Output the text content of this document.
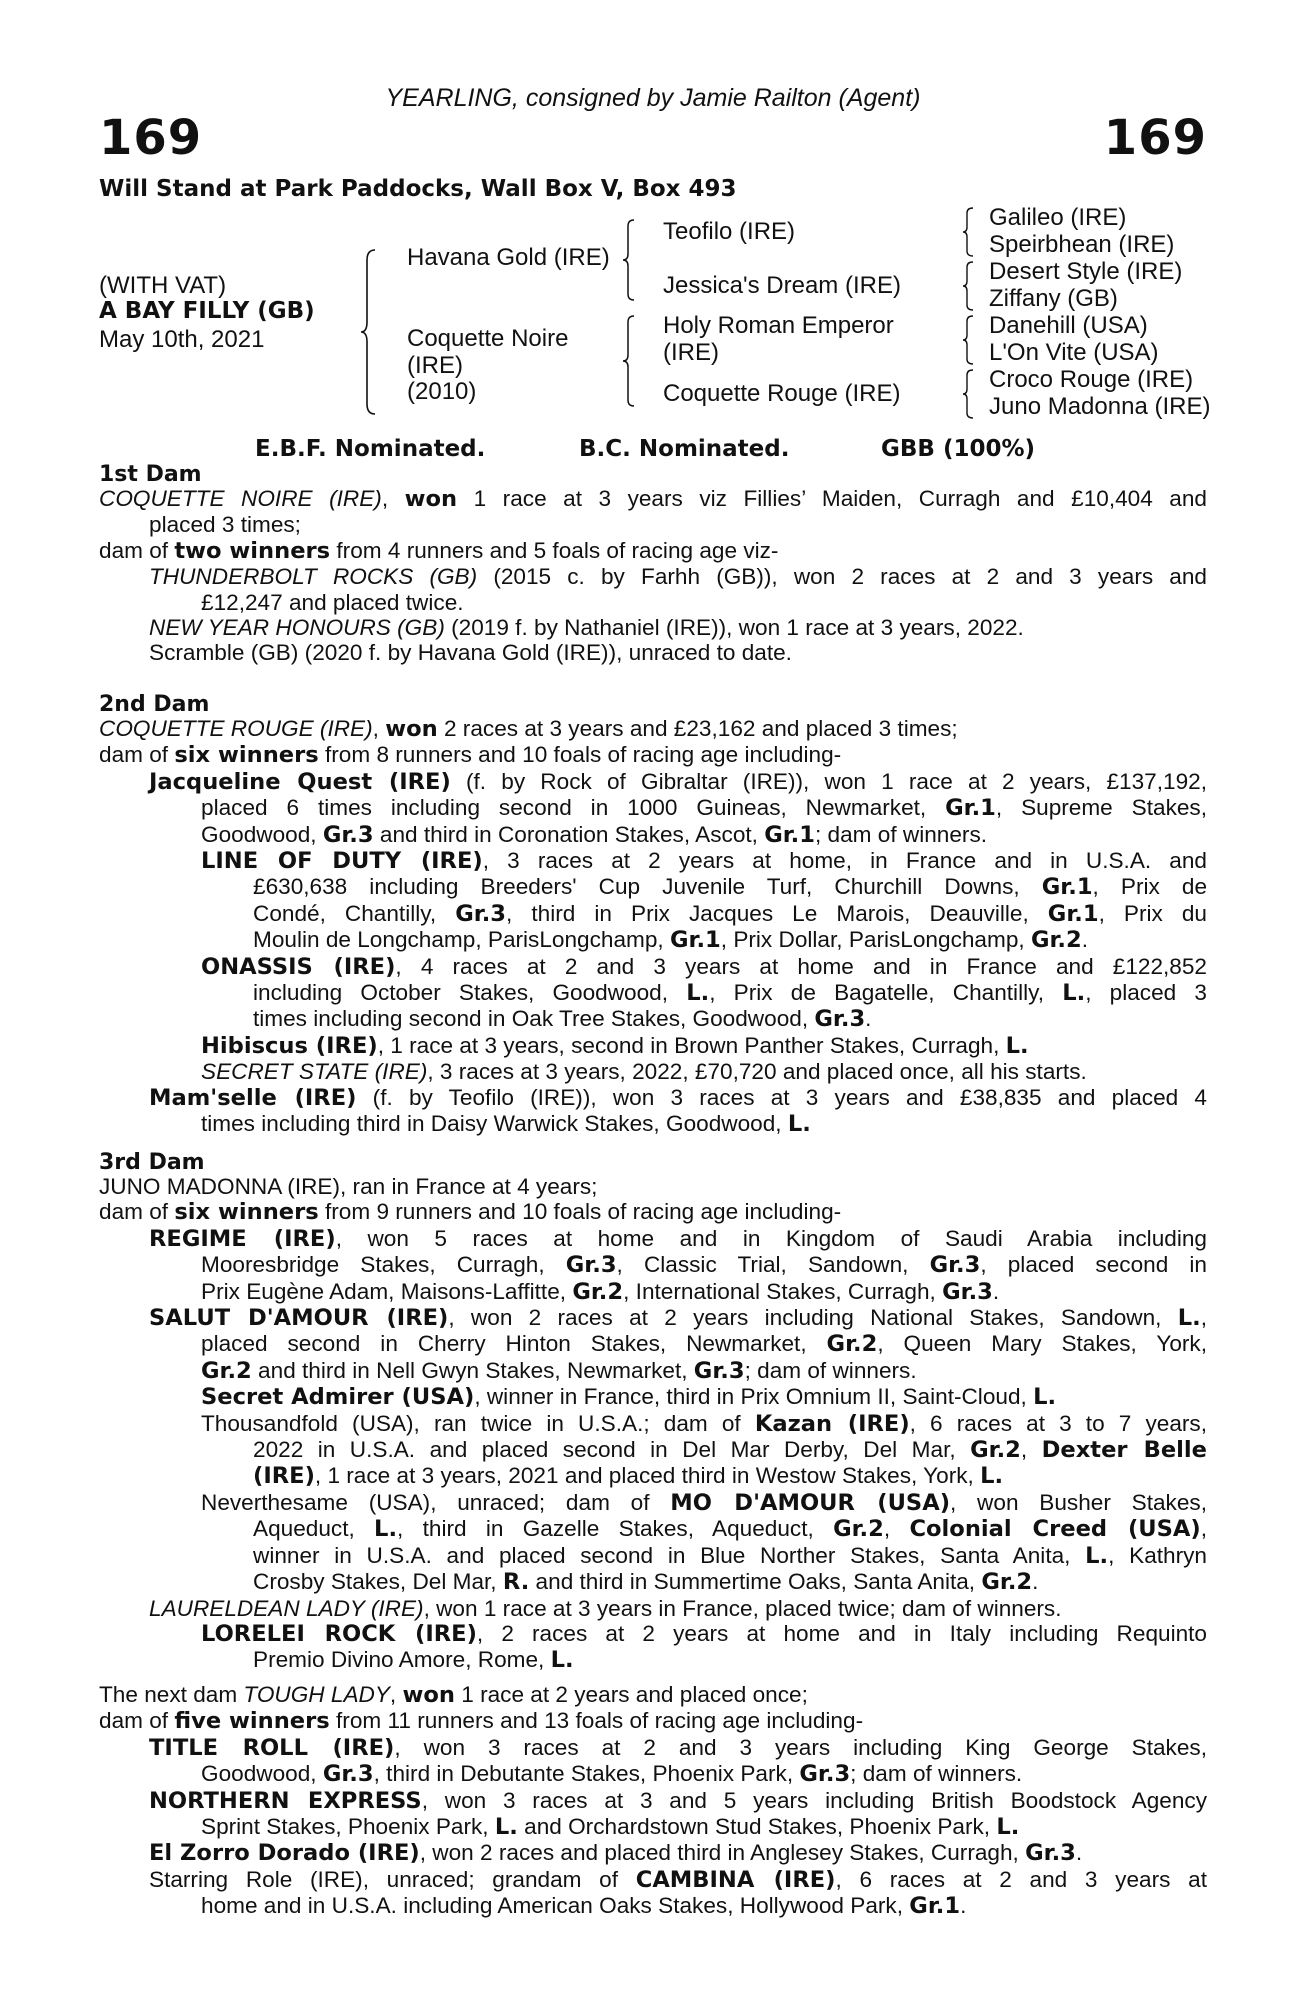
YEARLING, consigned by Jamie Railton (Agent)
169	169
Will Stand at Park Paddocks, Wall Box V, Box 493
(WITH VAT)
A BAY FILLY (GB)
May 10th, 2021
Havana Gold (IRE)
Coquette Noire
(IRE)
(2010)
Teofilo (IRE)
Jessica's Dream (IRE)
Holy Roman Emperor
(IRE)
Coquette Rouge (IRE)
Galileo (IRE)
Speirbhean (IRE)
Desert Style (IRE)
Ziffany (GB)
Danehill (USA)
L'On Vite (USA)
Croco Rouge (IRE)
Juno Madonna (IRE)
E.B.F. Nominated.	B.C. Nominated.	GBB (100%)
1st Dam
COQUETTE NOIRE (IRE), won 1 race at 3 years viz Fillies’ Maiden, Curragh and £10,404 and
placed 3 times;
dam of two winners from 4 runners and 5 foals of racing age viz-
THUNDERBOLT ROCKS (GB) (2015 c. by Farhh (GB)), won 2 races at 2 and 3 years and
£12,247 and placed twice.
NEW YEAR HONOURS (GB) (2019 f. by Nathaniel (IRE)), won 1 race at 3 years, 2022.
Scramble (GB) (2020 f. by Havana Gold (IRE)), unraced to date.
2nd Dam
COQUETTE ROUGE (IRE), won 2 races at 3 years and £23,162 and placed 3 times;
dam of six winners from 8 runners and 10 foals of racing age including-
Jacqueline Quest (IRE) (f. by Rock of Gibraltar (IRE)), won 1 race at 2 years, £137,192,
placed 6 times including second in 1000 Guineas, Newmarket, Gr.1, Supreme Stakes,
Goodwood, Gr.3 and third in Coronation Stakes, Ascot, Gr.1; dam of winners.
LINE OF DUTY (IRE), 3 races at 2 years at home, in France and in U.S.A. and
£630,638 including Breeders' Cup Juvenile Turf, Churchill Downs, Gr.1, Prix de
Condé, Chantilly, Gr.3, third in Prix Jacques Le Marois, Deauville, Gr.1, Prix du
Moulin de Longchamp, ParisLongchamp, Gr.1, Prix Dollar, ParisLongchamp, Gr.2.
ONASSIS (IRE), 4 races at 2 and 3 years at home and in France and £122,852
including October Stakes, Goodwood, L., Prix de Bagatelle, Chantilly, L., placed 3
times including second in Oak Tree Stakes, Goodwood, Gr.3.
Hibiscus (IRE), 1 race at 3 years, second in Brown Panther Stakes, Curragh, L.
SECRET STATE (IRE), 3 races at 3 years, 2022, £70,720 and placed once, all his starts.
Mam'selle (IRE) (f. by Teofilo (IRE)), won 3 races at 3 years and £38,835 and placed 4
times including third in Daisy Warwick Stakes, Goodwood, L.
3rd Dam
JUNO MADONNA (IRE), ran in France at 4 years;
dam of six winners from 9 runners and 10 foals of racing age including-
REGIME (IRE), won 5 races at home and in Kingdom of Saudi Arabia including
Mooresbridge Stakes, Curragh, Gr.3, Classic Trial, Sandown, Gr.3, placed second in
Prix Eugène Adam, Maisons-Laffitte, Gr.2, International Stakes, Curragh, Gr.3.
SALUT D'AMOUR (IRE), won 2 races at 2 years including National Stakes, Sandown, L.,
placed second in Cherry Hinton Stakes, Newmarket, Gr.2, Queen Mary Stakes, York,
Gr.2 and third in Nell Gwyn Stakes, Newmarket, Gr.3; dam of winners.
Secret Admirer (USA), winner in France, third in Prix Omnium II, Saint-Cloud, L.
Thousandfold (USA), ran twice in U.S.A.; dam of Kazan (IRE), 6 races at 3 to 7 years,
2022 in U.S.A. and placed second in Del Mar Derby, Del Mar, Gr.2, Dexter Belle
(IRE), 1 race at 3 years, 2021 and placed third in Westow Stakes, York, L.
Neverthesame (USA), unraced; dam of MO D'AMOUR (USA), won Busher Stakes,
Aqueduct, L., third in Gazelle Stakes, Aqueduct, Gr.2, Colonial Creed (USA),
winner in U.S.A. and placed second in Blue Norther Stakes, Santa Anita, L., Kathryn
Crosby Stakes, Del Mar, R. and third in Summertime Oaks, Santa Anita, Gr.2.
LAURELDEAN LADY (IRE), won 1 race at 3 years in France, placed twice; dam of winners.
LORELEI ROCK (IRE), 2 races at 2 years at home and in Italy including Requinto
Premio Divino Amore, Rome, L.
The next dam TOUGH LADY, won 1 race at 2 years and placed once;
dam of five winners from 11 runners and 13 foals of racing age including-
TITLE ROLL (IRE), won 3 races at 2 and 3 years including King George Stakes,
Goodwood, Gr.3, third in Debutante Stakes, Phoenix Park, Gr.3; dam of winners.
NORTHERN EXPRESS, won 3 races at 3 and 5 years including British Boodstock Agency
Sprint Stakes, Phoenix Park, L. and Orchardstown Stud Stakes, Phoenix Park, L.
El Zorro Dorado (IRE), won 2 races and placed third in Anglesey Stakes, Curragh, Gr.3.
Starring Role (IRE), unraced; grandam of CAMBINA (IRE), 6 races at 2 and 3 years at
home and in U.S.A. including American Oaks Stakes, Hollywood Park, Gr.1.
